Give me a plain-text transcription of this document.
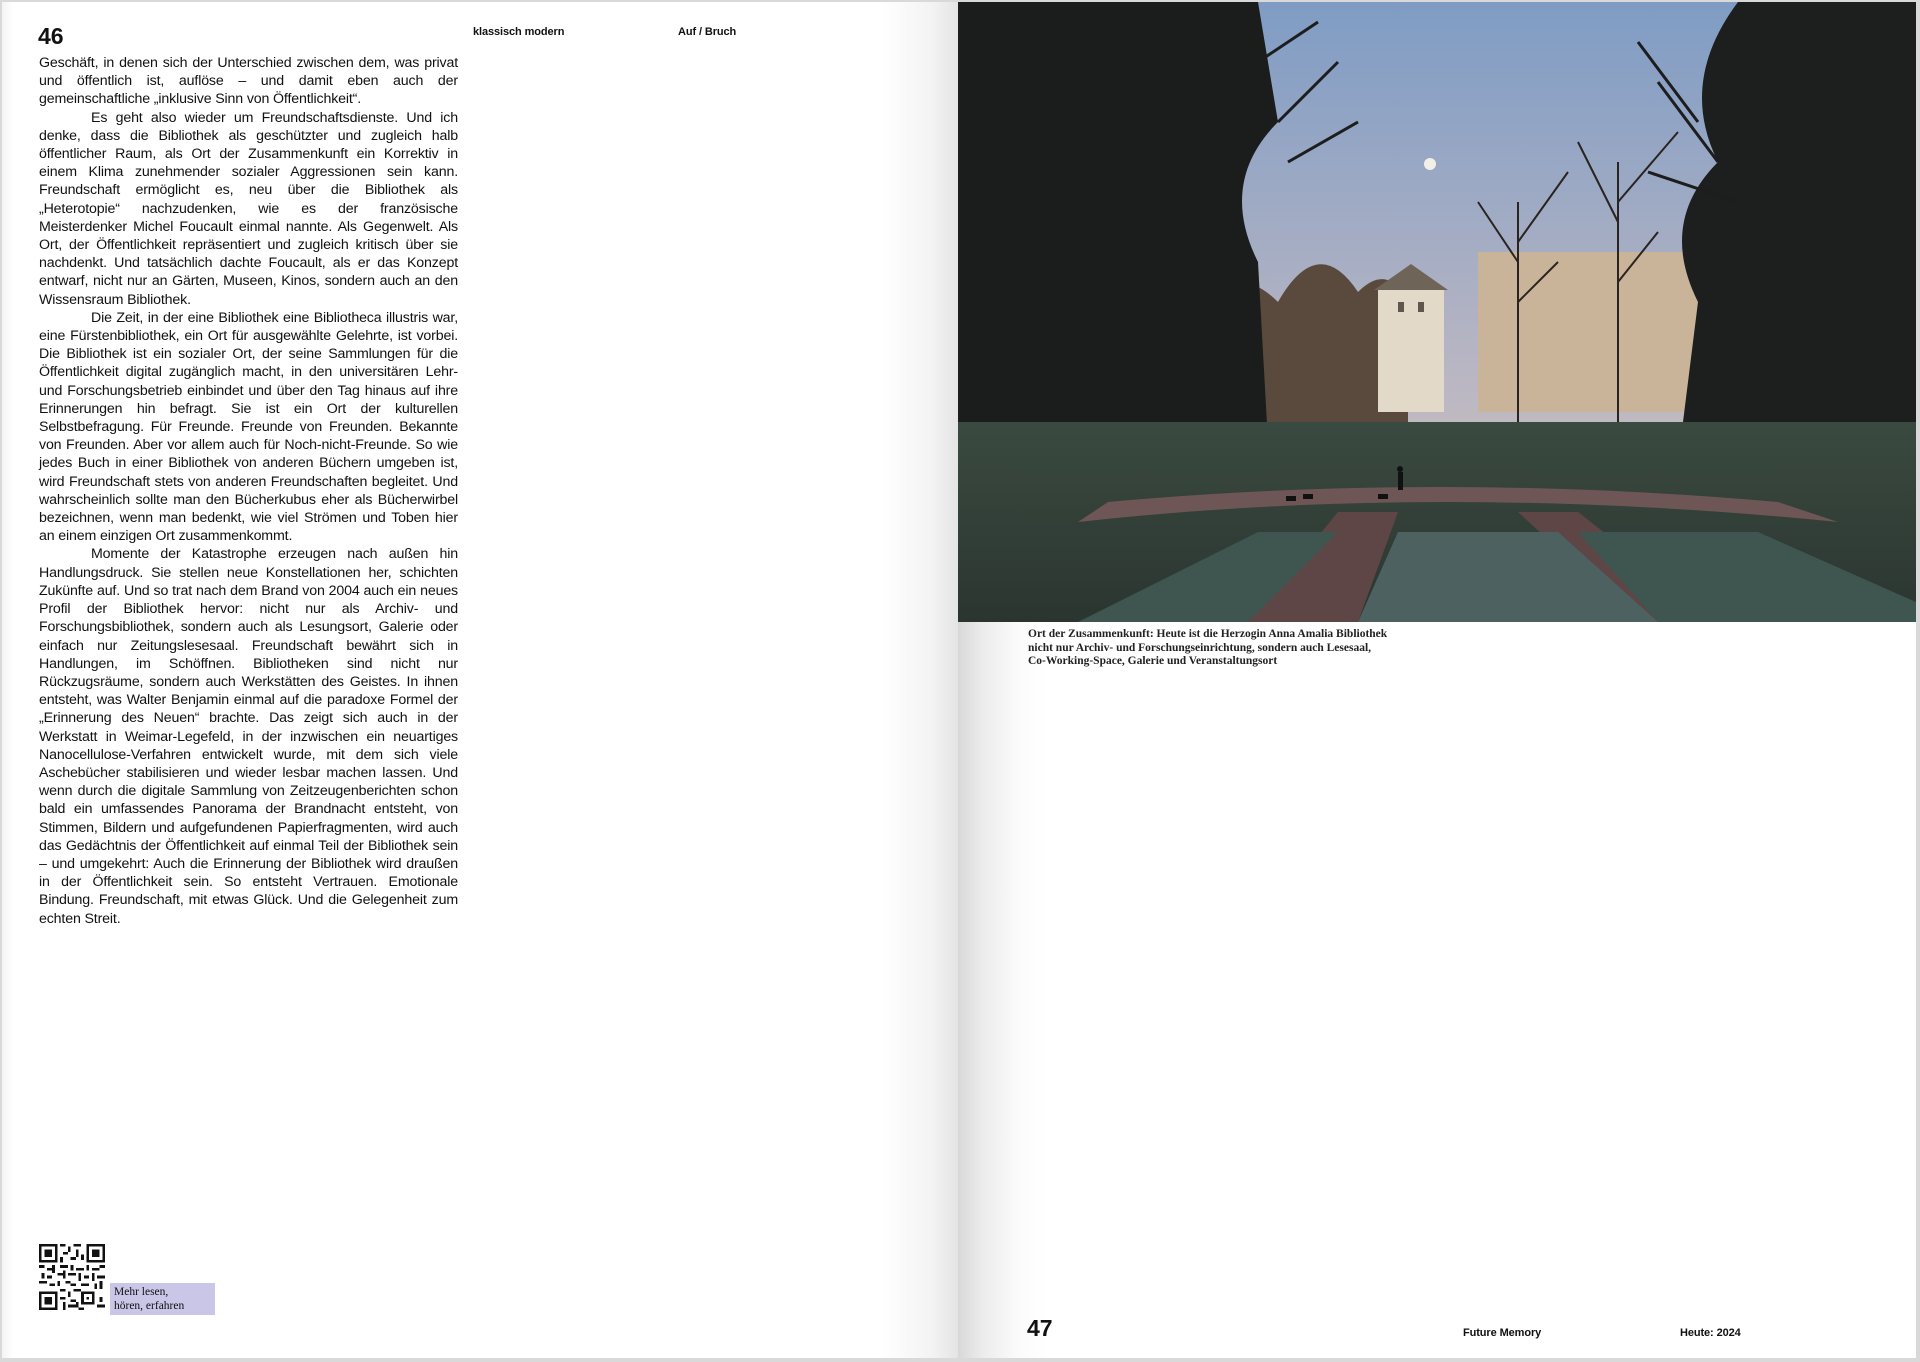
46	klassisch modern	Auf / Bruch

Geschäft, in denen sich der Unterschied zwischen dem, was privat und öffentlich ist, auflöse – und damit eben auch der gemeinschaftliche „inklusive Sinn von Öffentlichkeit“.

Es geht also wieder um Freundschaftsdienste. Und ich denke, dass die Bibliothek als geschützter und zugleich halb öffentlicher Raum, als Ort der Zusammenkunft ein Korrektiv in einem Klima zunehmender sozialer Aggressionen sein kann. Freundschaft ermöglicht es, neu über die Bibliothek als „Heterotopie“ nachzudenken, wie es der französische Meisterdenker Michel Foucault einmal nannte. Als Gegenwelt. Als Ort, der Öffentlichkeit repräsentiert und zugleich kritisch über sie nachdenkt. Und tatsächlich dachte Foucault, als er das Konzept entwarf, nicht nur an Gärten, Museen, Kinos, sondern auch an den Wissensraum Bibliothek.

Die Zeit, in der eine Bibliothek eine Bibliotheca illustris war, eine Fürstenbibliothek, ein Ort für ausgewählte Gelehrte, ist vorbei. Die Bibliothek ist ein sozialer Ort, der seine Sammlungen für die Öffentlichkeit digital zugänglich macht, in den universitären Lehr- und Forschungsbetrieb einbindet und über den Tag hinaus auf ihre Erinnerungen hin befragt. Sie ist ein Ort der kulturellen Selbstbefragung. Für Freunde. Freunde von Freunden. Bekannte von Freunden. Aber vor allem auch für Noch-nicht-Freunde. So wie jedes Buch in einer Bibliothek von anderen Büchern umgeben ist, wird Freundschaft stets von anderen Freundschaften begleitet. Und wahrscheinlich sollte man den Bücherkubus eher als Bücherwirbel bezeichnen, wenn man bedenkt, wie viel Strömen und Toben hier an einem einzigen Ort zusammenkommt.

Momente der Katastrophe erzeugen nach außen hin Handlungsdruck. Sie stellen neue Konstellationen her, schichten Zukünfte auf. Und so trat nach dem Brand von 2004 auch ein neues Profil der Bibliothek hervor: nicht nur als Archiv- und Forschungsbibliothek, sondern auch als Lesungsort, Galerie oder einfach nur Zeitungslesesaal. Freundschaft bewährt sich in Handlungen, im Schöffnen. Bibliotheken sind nicht nur Rückzugsräume, sondern auch Werkstätten des Geistes. In ihnen entsteht, was Walter Benjamin einmal auf die paradoxe Formel der „Erinnerung des Neuen“ brachte. Das zeigt sich auch in der Werkstatt in Weimar-Legefeld, in der inzwischen ein neuartiges Nanocellulose-Verfahren entwickelt wurde, mit dem sich viele Aschebücher stabilisieren und wieder lesbar machen lassen. Und wenn durch die digitale Sammlung von Zeitzeugenberichten schon bald ein umfassendes Panorama der Brandnacht entsteht, von Stimmen, Bildern und aufgefundenen Papierfragmenten, wird auch das Gedächtnis der Öffentlichkeit auf einmal Teil der Bibliothek sein – und umgekehrt: Auch die Erinnerung der Bibliothek wird draußen in der Öffentlichkeit sein. So entsteht Vertrauen. Emotionale Bindung. Freundschaft, mit etwas Glück. Und die Gelegenheit zum echten Streit.

Mehr lesen,
hören, erfahren
Ort der Zusammenkunft: Heute ist die Herzogin Anna Amalia Bibliothek
nicht nur Archiv- und Forschungseinrichtung, sondern auch Lesesaal,
Co-Working-Space, Galerie und Veranstaltungsort
47	Future Memory	Heute: 2024
